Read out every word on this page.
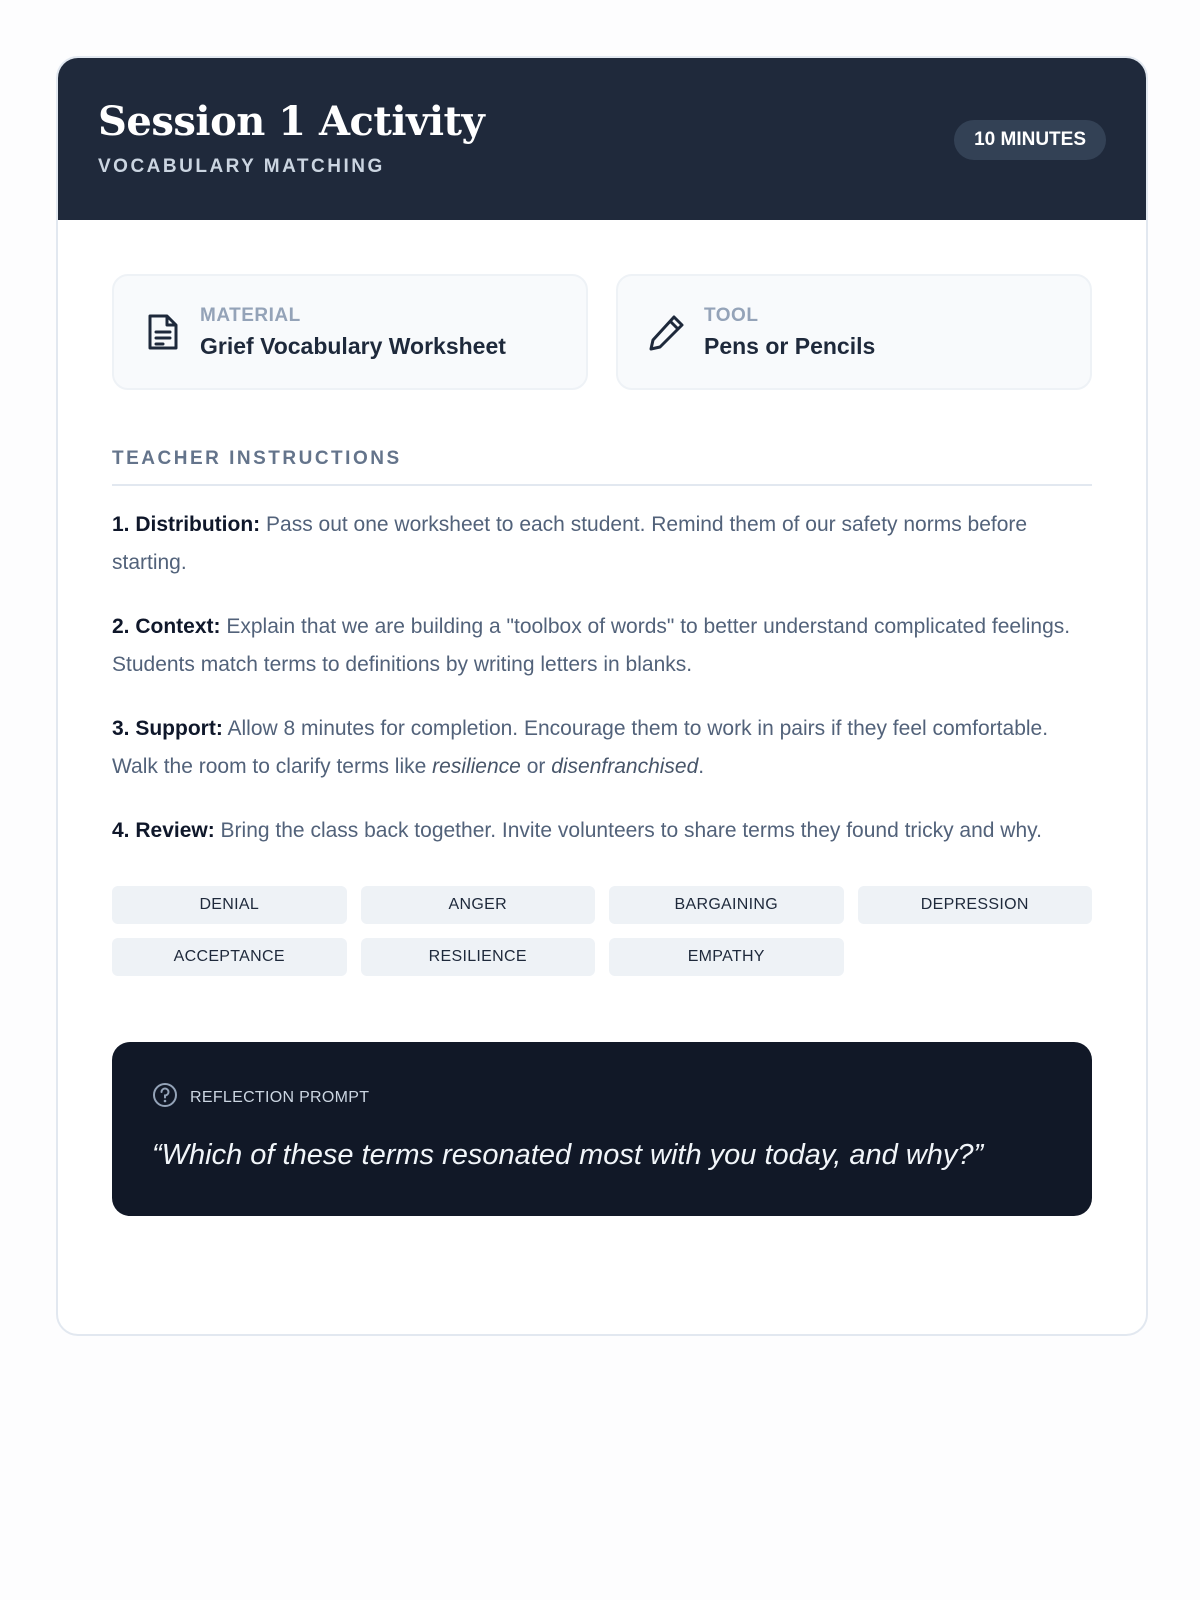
Session 1 Activity
VOCABULARY MATCHING
10 MINUTES
MATERIAL
Grief Vocabulary Worksheet
TOOL
Pens or Pencils
TEACHER INSTRUCTIONS

1. Distribution: Pass out one worksheet to each student. Remind them of our safety norms before starting.

2. Context: Explain that we are building a "toolbox of words" to better understand complicated feelings. Students match terms to definitions by writing letters in blanks.

3. Support: Allow 8 minutes for completion. Encourage them to work in pairs if they feel comfortable. Walk the room to clarify terms like resilience or disenfranchised.

4. Review: Bring the class back together. Invite volunteers to share terms they found tricky and why.

DENIAL	ANGER	BARGAINING	DEPRESSION
ACCEPTANCE	RESILIENCE	EMPATHY
REFLECTION PROMPT
“Which of these terms resonated most with you today, and why?”
